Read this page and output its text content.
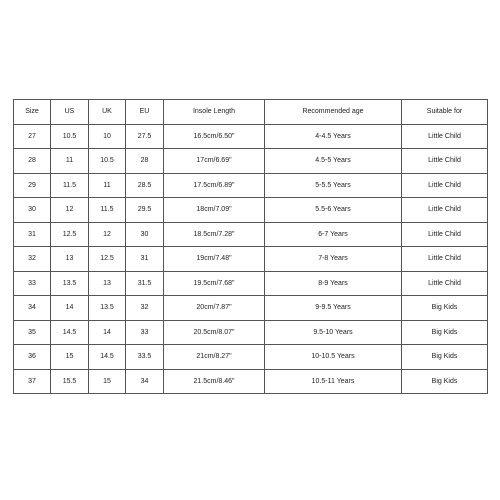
Size	US	UK	EU	Insole Length	Recommended age	Suitable for
27	10.5	10	27.5	16.5cm/6.50"	4-4.5 Years	Little Child
28	11	10.5	28	17cm/6.69"	4.5-5 Years	Little Child
29	11.5	11	28.5	17.5cm/6.89"	5-5.5 Years	Little Child
30	12	11.5	29.5	18cm/7.09"	5.5-6 Years	Little Child
31	12.5	12	30	18.5cm/7.28"	6-7 Years	Little Child
32	13	12.5	31	19cm/7.48"	7-8 Years	Little Child
33	13.5	13	31.5	19.5cm/7.68"	8-9 Years	Little Child
34	14	13.5	32	20cm/7.87"	9-9.5 Years	Big Kids
35	14.5	14	33	20.5cm/8.07"	9.5-10 Years	Big Kids
36	15	14.5	33.5	21cm/8.27"	10-10.5 Years	Big Kids
37	15.5	15	34	21.5cm/8.46"	10.5-11 Years	Big Kids
